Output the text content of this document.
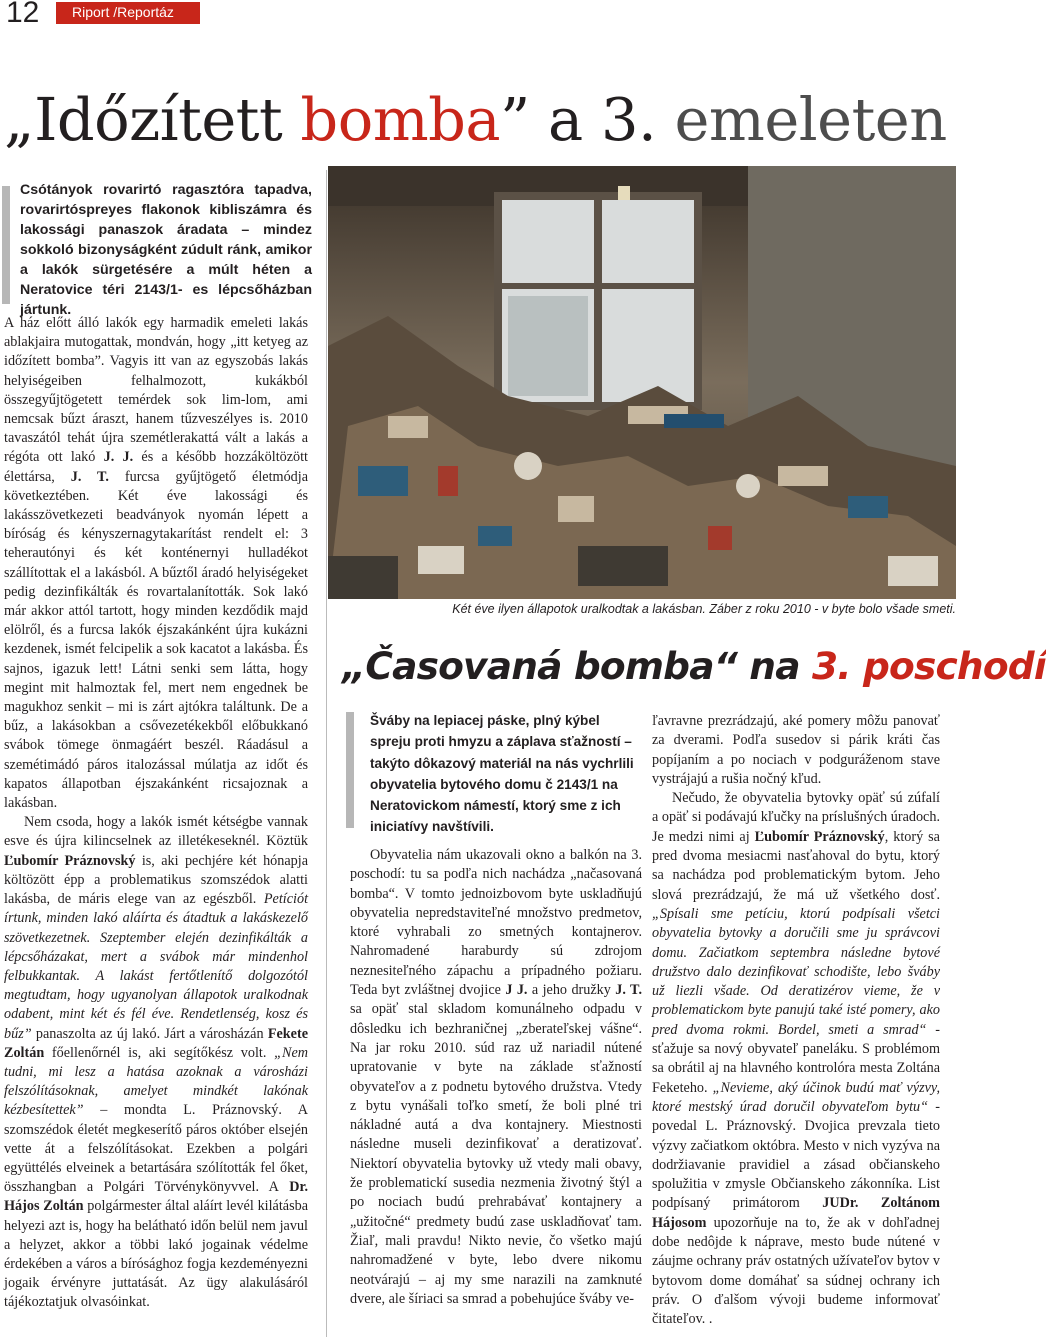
12 Riport /Reportáz
„Időzített bomba” a 3. emeleten
Csótányok rovarirtó ragasztóra tapadva, rovarirtóspreyes flakonok kibliszámra és lakossági panaszok áradata – mindez sokkoló bizonyságként zúdult ránk, amikor a lakók sürgetésére a múlt héten a Neratovice téri 2143/1- es lépcsőházban jártunk.

A ház előtt álló lakók egy harmadik emeleti lakás ablakjaira mutogattak, mondván, hogy „itt ketyeg az időzített bomba”. Vagyis itt van az egyszobás lakás helyiségeiben felhalmozott, kukákból összegyűjtögetett temérdek sok lim-lom, ami nemcsak bűzt áraszt, hanem tűzveszélyes is. 2010 tavaszától tehát újra szemétlerakattá vált a lakás a régóta ott lakó J. J. és a később hozzáköltözött élettársa, J. T. furcsa gyűjtögető életmódja következtében. Két éve lakossági és lakásszövetkezeti beadványok nyomán lépett a bíróság és kényszernagytakarítást rendelt el: 3 teherautónyi és két konténernyi hulladékot szállítottak el a lakásból. A bűztől áradó helyiségeket pedig dezinfikálták és rovartalanították. Sok lakó már akkor attól tartott, hogy minden kezdődik majd elölről, és a furcsa lakók éjszakánként újra kukázni kezdenek, ismét felcipelik a sok kacatot a lakásba. És sajnos, igazuk lett! Látni senki sem látta, hogy megint mit halmoztak fel, mert nem engednek be magukhoz senkit – mi is zárt ajtókra találtunk. De a bűz, a lakásokban a csővezetékekből előbukkanó svábok tömege önmagáért beszél. Ráadásul a szemétimádó páros italozással múlatja az időt és kapatos állapotban éjszakánként ricsajoznak a lakásban.

Nem csoda, hogy a lakók ismét kétségbe vannak esve és újra kilincselnek az illetékeseknél. Köztük Ľubomír Práznovský is, aki pechjére két hónapja költözött épp a problematikus szomszédok alatti lakásba, de máris elege van az egészből. Petíciót írtunk, minden lakó aláírta és átadtuk a lakáskezelő szövetkezetnek. Szeptember elején dezinfikálták a lépcsőházakat, mert a svábok már mindenhol felbukkantak. A lakást fertőtlenítő dolgozótól megtudtam, hogy ugyanolyan állapotok uralkodnak odabent, mint két és fél éve. Rendetlenség, kosz és bűz” panaszolta az új lakó. Járt a városházán Fekete Zoltán főellenőrnél is, aki segítőkész volt. „Nem tudni, mi lesz a hatása azoknak a városházi felszólításoknak, amelyet mindkét lakónak kézbesítettek” – mondta L. Práznovský. A szomszédok életét megkeserítő páros október elsején vette át a felszólításokat. Ezekben a polgári együttélés elveinek a betartására szólították fel őket, összhangban a Polgári Törvénykönyvvel. A Dr. Hájos Zoltán polgármester által aláírt levél kilátásba helyezi azt is, hogy ha belátható időn belül nem javul a helyzet, akkor a többi lakó jogainak védelme érdekében a város a bírósághoz fogja kezdeményezni jogaik érvényre juttatását. Az ügy alakulásáról tájékoztatjuk olvasóinkat.

Két éve ilyen állapotok uralkodtak a lakásban. Záber z roku 2010 - v byte bolo všade smeti.
„Časovaná bomba“ na 3. poschodí
Šváby na lepiacej páske, plný kýbel spreju proti hmyzu a záplava sťažností – takýto dôkazový materiál na nás vychrlili obyvatelia bytového domu č 2143/1 na Neratovickom námestí, ktorý sme z ich iniciatívy navštívili.

Obyvatelia nám ukazovali okno a balkón na 3. poschodí: tu sa podľa nich nachádza „načasovaná bomba“. V tomto jednoizbovom byte uskladňujú obyvatelia nepredstaviteľné množstvo predmetov, ktoré vyhrabali zo smetných kontajnerov. Nahromadené haraburdy sú zdrojom neznesiteľného zápachu a prípadného požiaru. Teda byt zvláštnej dvojice J J. a jeho družky J. T. sa opäť stal skladom komunálneho odpadu v dôsledku ich bezhraničnej „zberateľskej vášne“. Na jar roku 2010. súd raz už nariadil nútené upratovanie v byte na základe sťažností obyvateľov a z podnetu bytového družstva. Vtedy z bytu vynášali toľko smetí, že boli plné tri nákladné autá a dva kontajnery. Miestnosti následne museli dezinfikovať a deratizovať. Niektorí obyvatelia bytovky už vtedy mali obavy, že problematickí susedia nezmenia životný štýl a po nociach budú prehrabávať kontajnery a „užitočné“ predmety budú zase uskladňovať tam. Žiaľ, mali pravdu! Nikto nevie, čo všetko majú nahromadžené v byte, lebo dvere nikomu neotvárajú – aj my sme narazili na zamknuté dvere, ale šíriaci sa smrad a pobehujúce šváby ve-

ľavravne prezrádzajú, aké pomery môžu panovať za dverami. Podľa susedov si párik kráti čas popíjaním a po nociach v podguráženom stave vystrájajú a rušia nočný kľud.

Nečudo, že obyvatelia bytovky opäť sú zúfalí a opäť si podávajú kľučky na príslušných úradoch. Je medzi nimi aj Ľubomír Práznovský, ktorý sa pred dvoma mesiacmi nasťahoval do bytu, ktorý sa nachádza pod problematickým bytom. Jeho slová prezrádzajú, že má už všetkého dosť. „Spísali sme petíciu, ktorú podpísali všetci obyvatelia bytovky a doručili sme ju správcovi domu. Začiatkom septembra následne bytové družstvo dalo dezinfikovať schodište, lebo šváby už liezli všade. Od deratizérov vieme, že v problematickom byte panujú také isté pomery, ako pred dvoma rokmi. Bordel, smeti a smrad“ - sťažuje sa nový obyvateľ paneláku. S problémom sa obrátil aj na hlavného kontrolóra mesta Zoltána Feketeho. „Nevieme, aký účinok budú mať výzvy, ktoré mestský úrad doručil obyvateľom bytu“ - povedal L. Práznovský. Dvojica prevzala tieto výzvy začiatkom októbra. Mesto v nich vyzýva na dodržiavanie pravidiel a zásad občianskeho spolužitia v zmysle Občianskeho zákonníka. List podpísaný primátorom JUDr. Zoltánom Hájosom upozorňuje na to, že ak v dohľadnej dobe nedôjde k náprave, mesto bude nútené v záujme ochrany práv ostatných užívateľov bytov v bytovom dome domáhať sa súdnej ochrany ich práv. O ďalšom vývoji budeme informovať čitateľov. .
